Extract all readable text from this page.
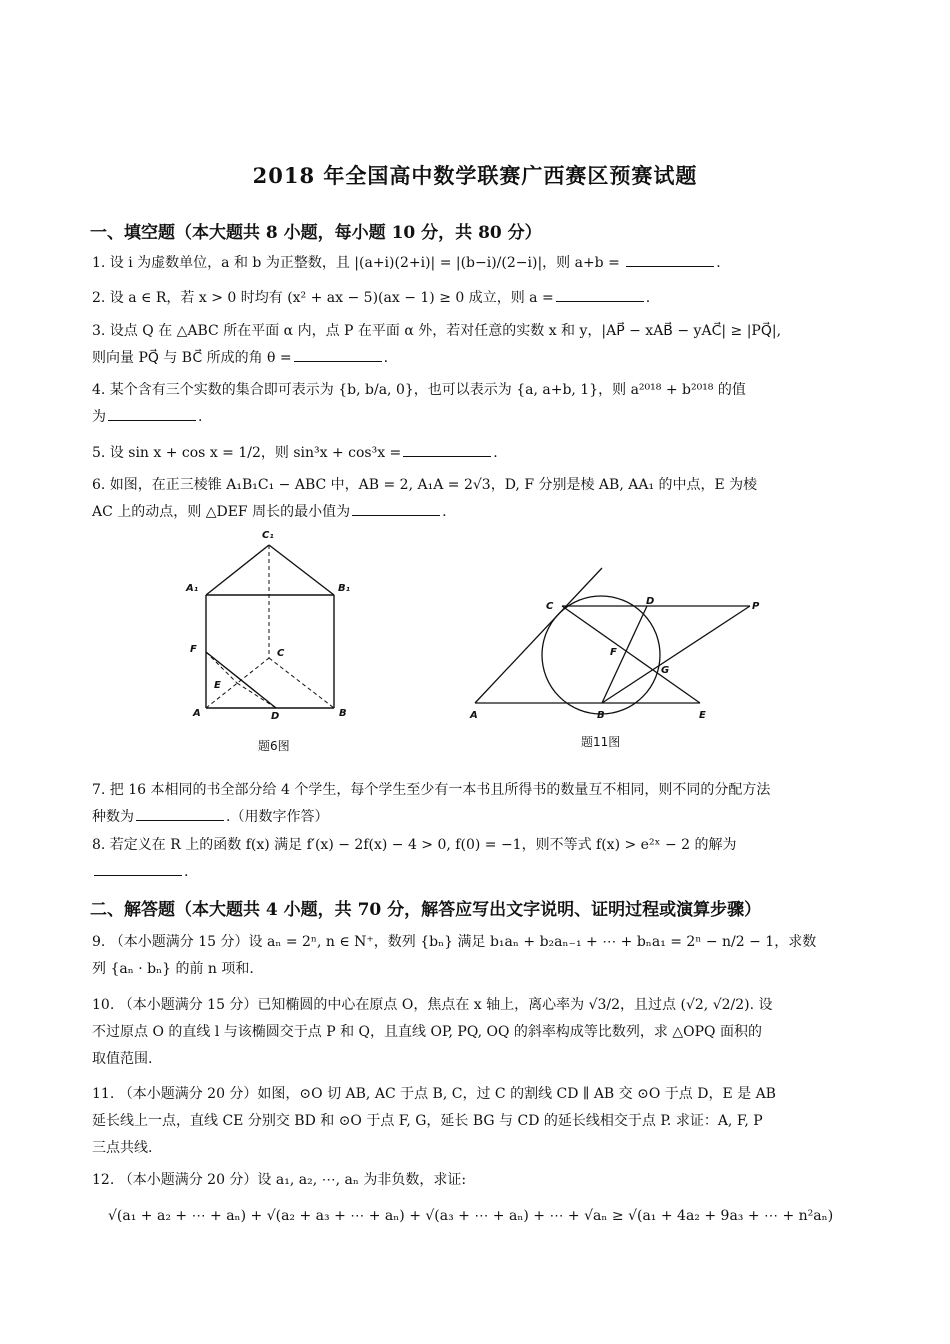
2018 年全国高中数学联赛广西赛区预赛试题
一、填空题（本大题共 8 小题，每小题 10 分，共 80 分）
1. 设 i 为虚数单位，a 和 b 为正整数，且 |(a+i)(2+i)| = |(b−i)/(2−i)|，则 a+b =	.
2. 设 a ∈ R，若 x > 0 时均有 (x² + ax − 5)(ax − 1) ≥ 0 成立，则 a =	.
3. 设点 Q 在 △ABC 所在平面 α 内，点 P 在平面 α 外，若对任意的实数 x 和 y，|AP⃗ − xAB⃗ − yAC⃗| ≥ |PQ⃗|,
则向量 PQ⃗ 与 BC⃗ 所成的角 θ =	.
4. 某个含有三个实数的集合即可表示为 {b, b/a, 0}，也可以表示为 {a, a+b, 1}，则 a²⁰¹⁸ + b²⁰¹⁸ 的值
为	.
5. 设 sin x + cos x = 1/2，则 sin³x + cos³x =	.
6. 如图，在正三棱锥 A₁B₁C₁ − ABC 中，AB = 2, A₁A = 2√3，D, F 分别是棱 AB, AA₁ 的中点，E 为棱
AC 上的动点，则 △DEF 周长的最小值为	.
C₁
A₁	B₁
F	C
E
A	D	B
题6图
C	D	P
F
G
A	B	E
题11图
7. 把 16 本相同的书全部分给 4 个学生，每个学生至少有一本书且所得书的数量互不相同，则不同的分配方法
种数为	.（用数字作答）
8. 若定义在 R 上的函数 f(x) 满足 f′(x) − 2f(x) − 4 > 0, f(0) = −1，则不等式 f(x) > e²ˣ − 2 的解为
.
二、解答题（本大题共 4 小题，共 70 分，解答应写出文字说明、证明过程或演算步骤）
9. （本小题满分 15 分）设 aₙ = 2ⁿ, n ∈ N⁺，数列 {bₙ} 满足 b₁aₙ + b₂aₙ₋₁ + ⋯ + bₙa₁ = 2ⁿ − n/2 − 1，求数
列 {aₙ · bₙ} 的前 n 项和.
10. （本小题满分 15 分）已知椭圆的中心在原点 O，焦点在 x 轴上，离心率为 √3/2，且过点 (√2, √2/2). 设
不过原点 O 的直线 l 与该椭圆交于点 P 和 Q，且直线 OP, PQ, OQ 的斜率构成等比数列，求 △OPQ 面积的
取值范围.
11. （本小题满分 20 分）如图，⊙O 切 AB, AC 于点 B, C，过 C 的割线 CD ∥ AB 交 ⊙O 于点 D，E 是 AB
延长线上一点，直线 CE 分别交 BD 和 ⊙O 于点 F, G，延长 BG 与 CD 的延长线相交于点 P. 求证：A, F, P
三点共线.
12. （本小题满分 20 分）设 a₁, a₂, ⋯, aₙ 为非负数，求证:
√(a₁ + a₂ + ⋯ + aₙ) + √(a₂ + a₃ + ⋯ + aₙ) + √(a₃ + ⋯ + aₙ) + ⋯ + √aₙ ≥ √(a₁ + 4a₂ + 9a₃ + ⋯ + n²aₙ)
